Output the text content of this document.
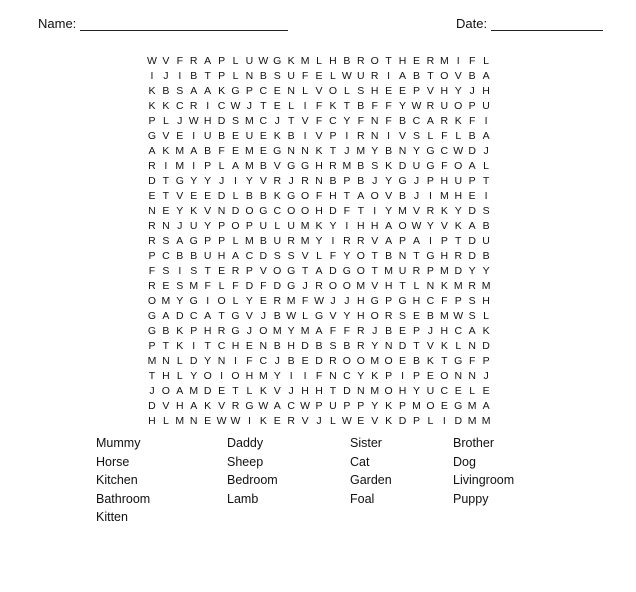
Name:	Date:
W V F R A P L U W G K M L H B R O T H E R M I F L
I J I B T P L N B S U F E L W U R I A B T O V B A
K B S A A K G P C E N L V O L S H E E P V H Y J H
K K C R I C W J T E L I F K T B F F Y W R U O P U
P L J W H D S M C J T V F C Y F N F B C A R K F I
G V E I U B E U E K B I V P I R N I V S L F L B A
A K M A B F E M E G N N K T J M Y B N Y G C W D J
R I M I P L A M B V G G H R M B S K D U G F O A L
D T G Y Y J I Y V R J R N B P B J Y G J P H U P T
E T V E E D L B B K G O F H T A O V B J I M H E I
N E Y K V N D O G C O O H D F T I Y M V R K Y D S
R N J U Y P O P U L U M K Y I H H A O W Y V K A B
R S A G P P L M B U R M Y I R R V A P A I P T D U
P C B B U H A C D S S V L F Y O T B N T G H R D B
F S I S T E R P V O G T A D G O T M U R P M D Y Y
R E S M F L F D F D G J R O O M V H T L N K M R M
O M Y G I O L Y E R M F W J J H G P G H C F P S H
G A D C A T G V J B W L G V Y H O R S E B M W S L
G B K P H R G J O M Y M A F F R J B E P J H C A K
P T K I T C H E N B H D B S B R Y N D T V K L N D
M N L D Y N I F C J B E D R O O M O E B K T G F P
T H L Y O I O H M Y I	I F N C Y K P I P E O N N J
J O A M D E T L K V J H H T D N M O H Y U C E L E
D V H A K V R G W A C W P U P P Y K P M O E G M A
H L M N E W W I K E R V J L W E V K D P L I D M M
Mummy	Daddy	Sister	Brother
Horse	Sheep	Cat	Dog
Kitchen	Bedroom	Garden	Livingroom
Bathroom	Lamb	Foal	Puppy
Kitten
